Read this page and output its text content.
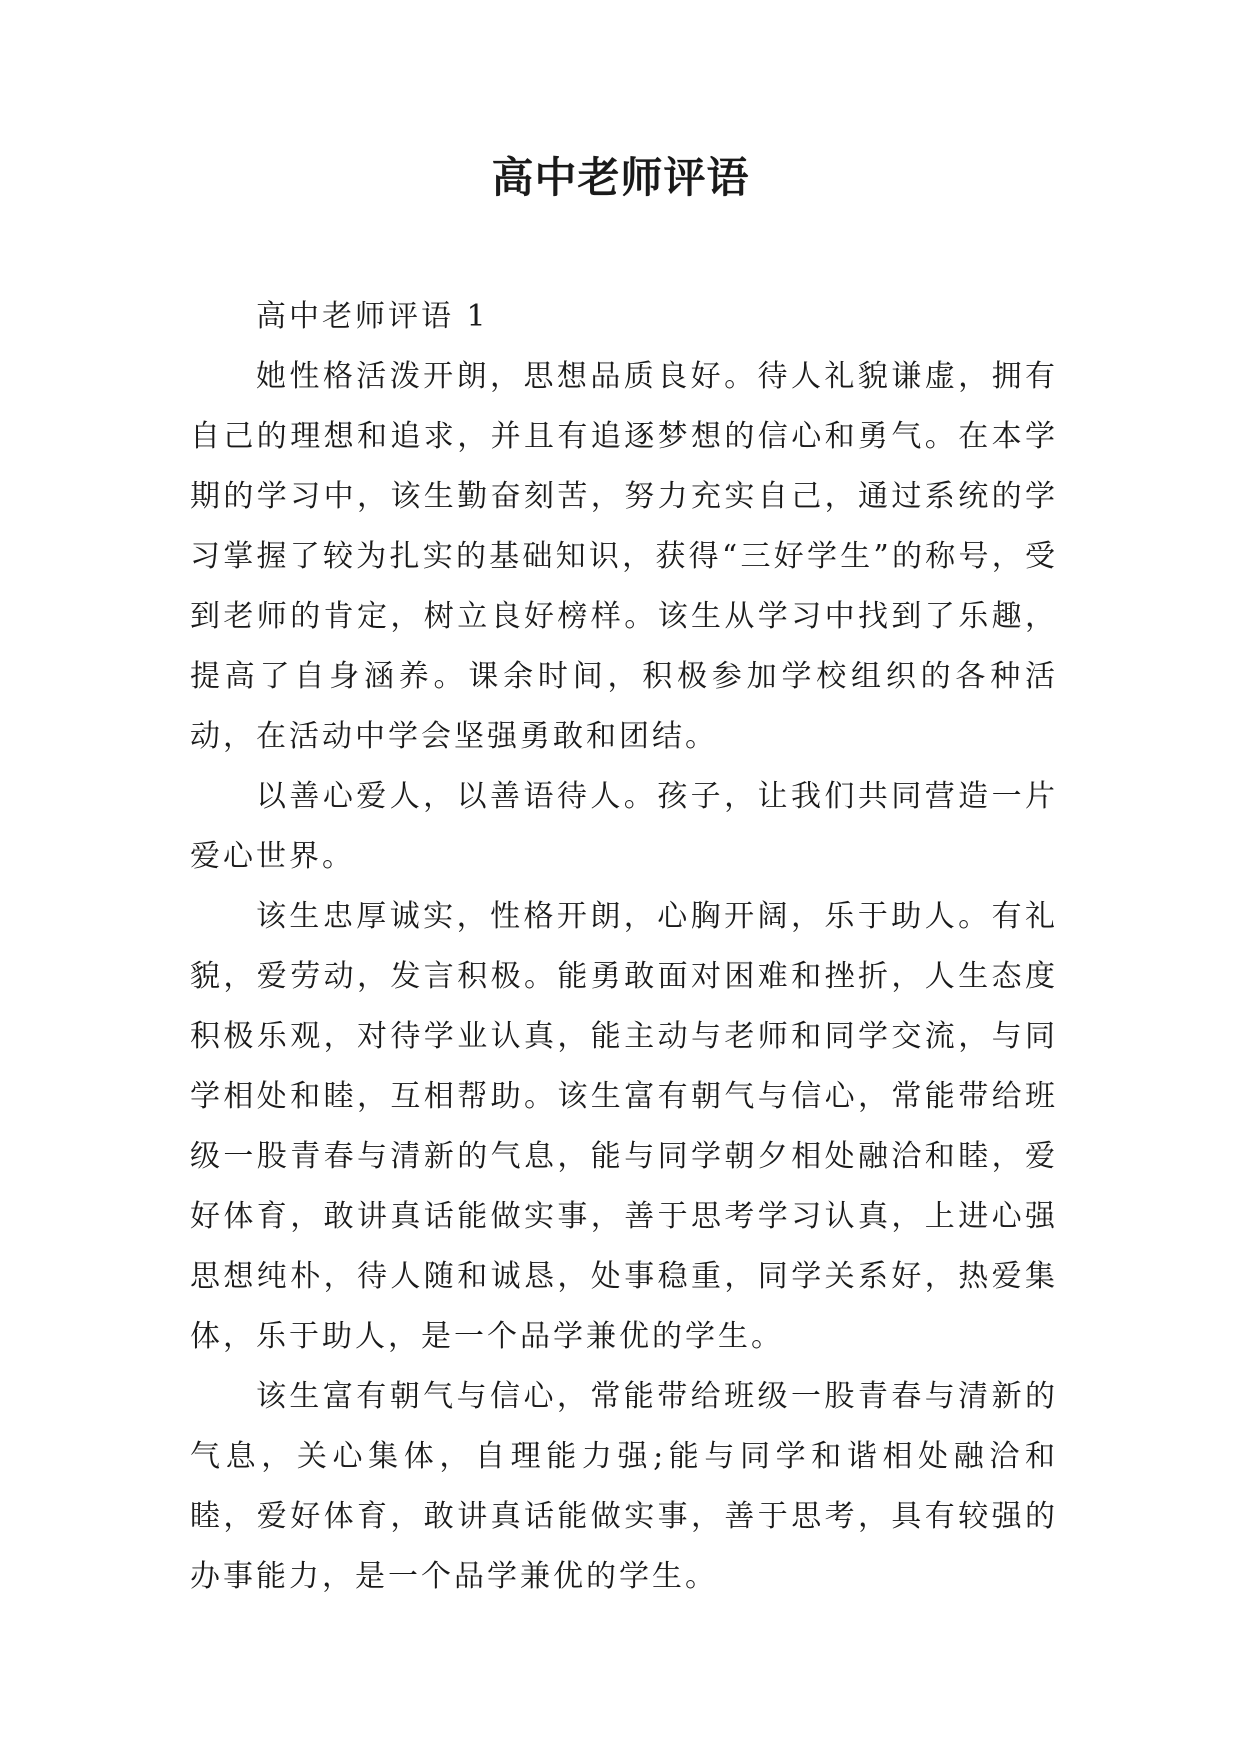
高中老师评语

高中老师评语 1

她性格活泼开朗，思想品质良好。待人礼貌谦虚，拥有自己的理想和追求，并且有追逐梦想的信心和勇气。在本学期的学习中，该生勤奋刻苦，努力充实自己，通过系统的学习掌握了较为扎实的基础知识，获得“三好学生”的称号，受到老师的肯定，树立良好榜样。该生从学习中找到了乐趣，提高了自身涵养。课余时间，积极参加学校组织的各种活动，在活动中学会坚强勇敢和团结。

以善心爱人，以善语待人。孩子，让我们共同营造一片爱心世界。

该生忠厚诚实，性格开朗，心胸开阔，乐于助人。有礼貌，爱劳动，发言积极。能勇敢面对困难和挫折，人生态度积极乐观，对待学业认真，能主动与老师和同学交流，与同学相处和睦，互相帮助。该生富有朝气与信心，常能带给班级一股青春与清新的气息，能与同学朝夕相处融洽和睦，爱好体育，敢讲真话能做实事，善于思考学习认真，上进心强思想纯朴，待人随和诚恳，处事稳重，同学关系好，热爱集体，乐于助人，是一个品学兼优的学生。

该生富有朝气与信心，常能带给班级一股青春与清新的气息，关心集体，自理能力强;能与同学和谐相处融洽和睦，爱好体育，敢讲真话能做实事，善于思考，具有较强的办事能力，是一个品学兼优的学生。
